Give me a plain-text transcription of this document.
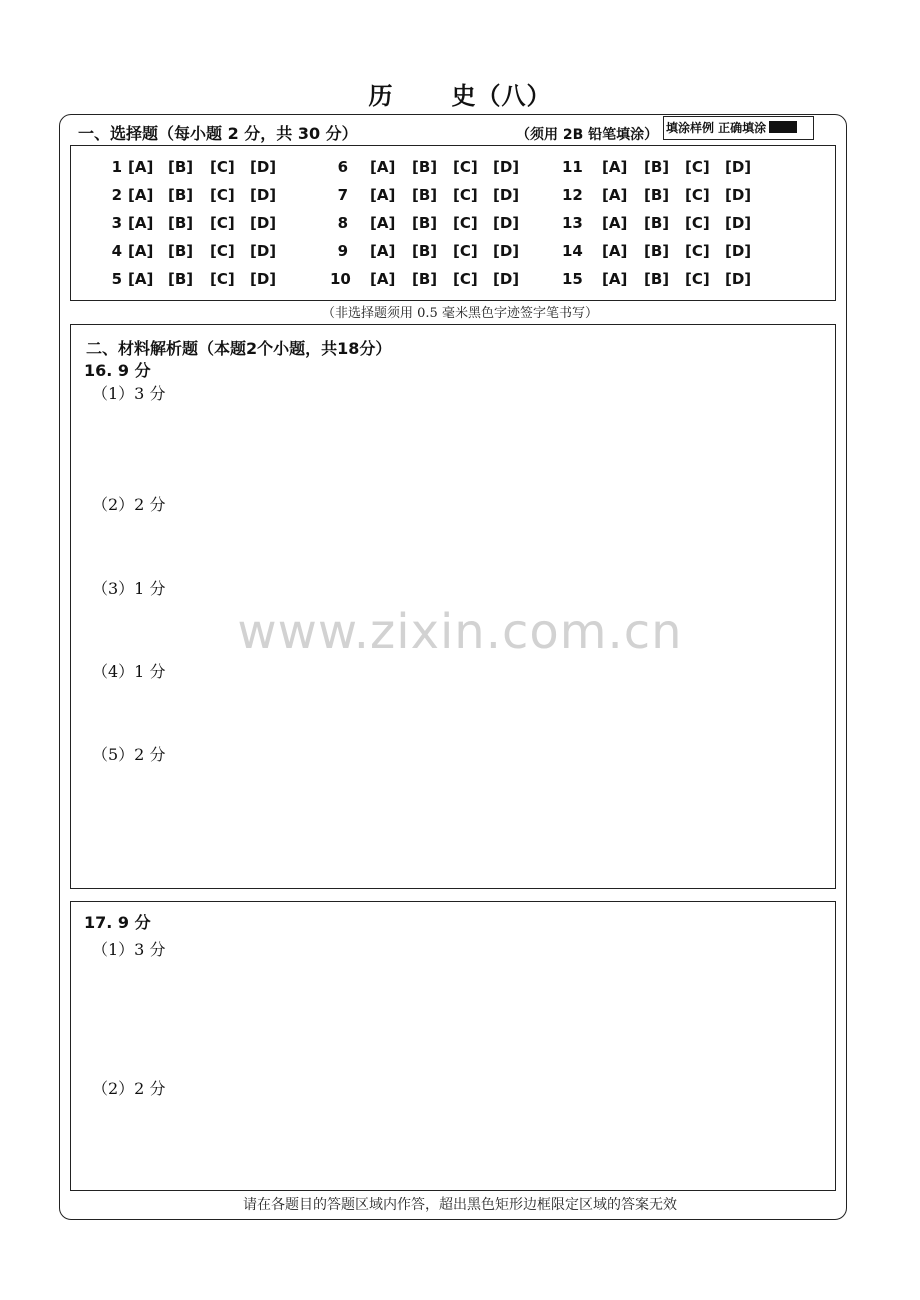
历 史（八）
一、选择题（每小题 2 分，共 30 分）	（须用 2B 铅笔填涂） 填涂样例 正确填涂
1 [A] [B] [C] [D]
2 [A] [B] [C] [D]
3 [A] [B] [C] [D]
4 [A] [B] [C] [D]
5 [A] [B] [C] [D]
6 [A] [B] [C] [D]
7 [A] [B] [C] [D]
8 [A] [B] [C] [D]
9 [A] [B] [C] [D]
10 [A] [B] [C] [D]
11 [A] [B] [C] [D]
12 [A] [B] [C] [D]
13 [A] [B] [C] [D]
14 [A] [B] [C] [D]
15 [A] [B] [C] [D]
（非选择题须用 0.5 毫米黑色字迹签字笔书写）
二、材料解析题（本题2个小题，共18分）
16. 9 分
（1）3 分
（2）2 分
（3）1 分
（4）1 分
（5）2 分
17. 9 分
（1）3 分
（2）2 分
www.zixin.com.cn
请在各题目的答题区域内作答，超出黑色矩形边框限定区域的答案无效
